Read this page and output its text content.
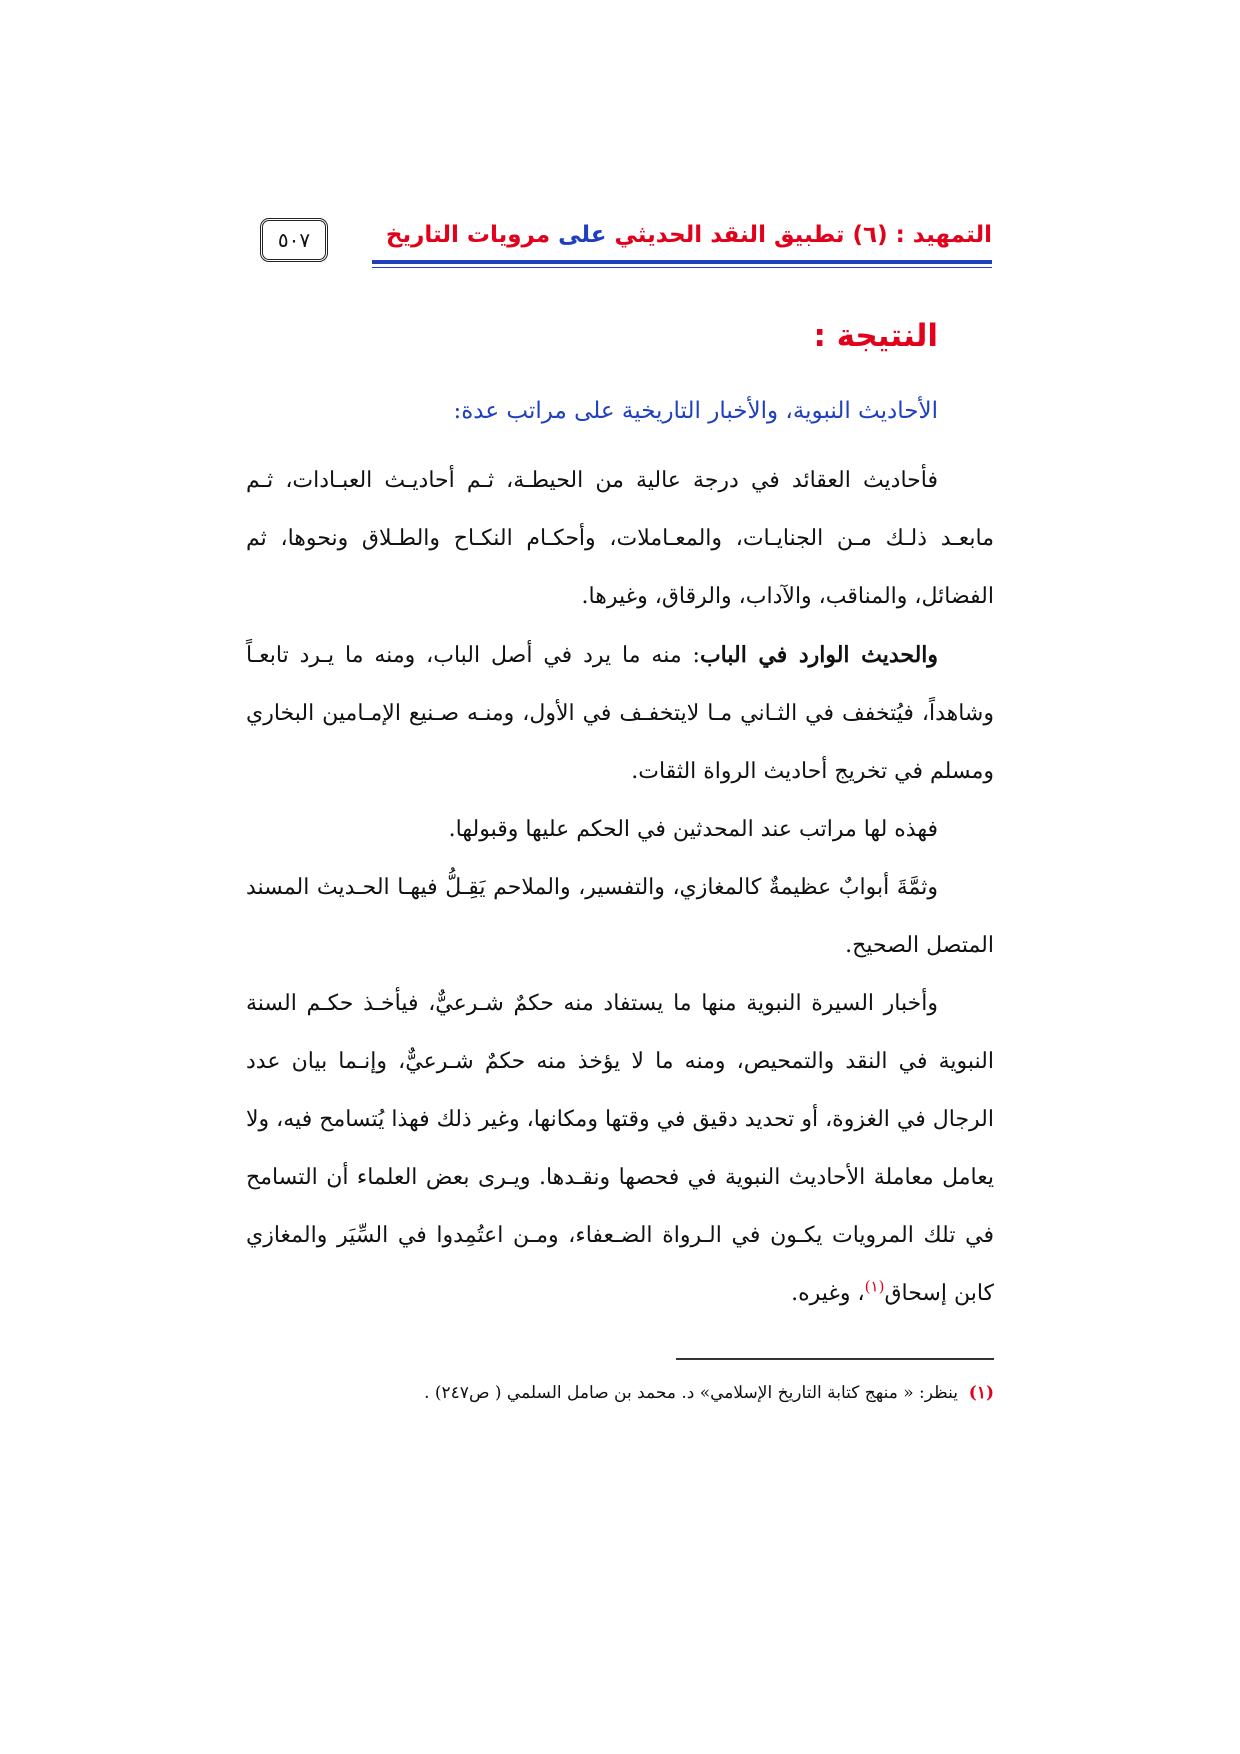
٥٠٧	التمهيد : (٦) تطبيق النقد الحديثي على مرويات التاريخ
النتيجة :
الأحاديث النبوية، والأخبار التاريخية على مراتب عدة:

فأحاديث العقائد في درجة عالية من الحيطـة، ثـم أحاديـث العبـادات، ثـم مابعـد ذلـك مـن الجنايـات، والمعـاملات، وأحكـام النكـاح والطـلاق ونحوها، ثم الفضائل، والمناقب، والآداب، والرقاق، وغيرها.

والحديث الوارد في الباب: منه ما يرد في أصل الباب، ومنه ما يـرد تابعـاً وشاهداً، فيُتخفف في الثـاني مـا لايتخفـف في الأول، ومنـه صـنيع الإمـامين البخاري ومسلم في تخريج أحاديث الرواة الثقات.

فهذه لها مراتب عند المحدثين في الحكم عليها وقبولها.

وثمَّةَ أبوابٌ عظيمةٌ كالمغازي، والتفسير، والملاحم يَقِـلُّ فيهـا الحـديث المسند المتصل الصحيح.

وأخبار السيرة النبوية منها ما يستفاد منه حكمٌ شـرعيٌّ، فيأخـذ حكـم السنة النبوية في النقد والتمحيص، ومنه ما لا يؤخذ منه حكمٌ شـرعيٌّ، وإنـما بيان عدد الرجال في الغزوة، أو تحديد دقيق في وقتها ومكانها، وغير ذلك فهذا يُتسامح فيه، ولا يعامل معاملة الأحاديث النبوية في فحصها ونقـدها. ويـرى بعض العلماء أن التسامح في تلك المرويات يكـون في الـرواة الضـعفاء، ومـن اعتُمِدوا في السِّيَر والمغازي كابن إسحاق$^{(١)}$، وغيره.

(١)  ينظر: « منهج كتابة التاريخ الإسلامي» د. محمد بن صامل السلمي ( ص٢٤٧) .
